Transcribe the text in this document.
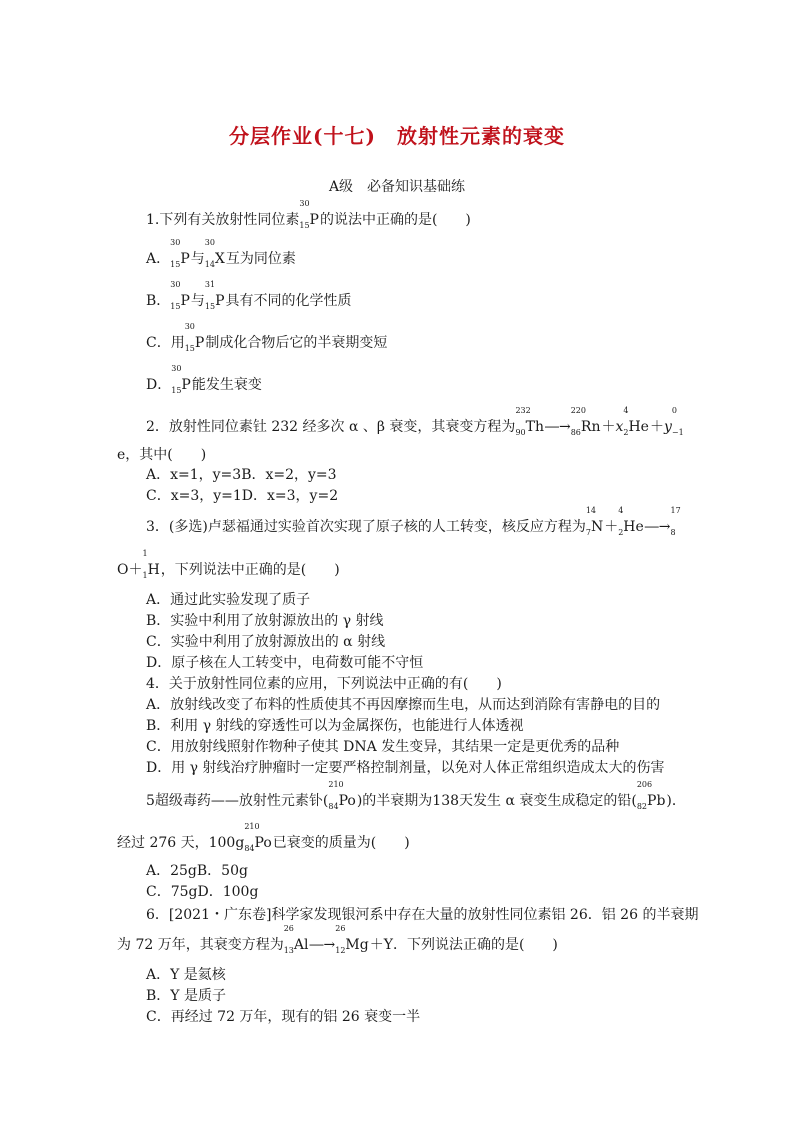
分层作业(十七)　放射性元素的衰变
A级　必备知识基础练
1.下列有关放射性同位素
30
15P的说法中正确的是(　　)
A．
30
15P与
30
14X互为同位素
B．
30
15P与
31
15P具有不同的化学性质
C．用
30
15P制成化合物后它的半衰期变短
D．
30
15P能发生衰变
2．放射性同位素钍 232 经多次 α 、β 衰变，其衰变方程为
232
90Th―→
220
86Rn＋x
4
2He＋y
0
−1
e，其中(　　)
A．x=1，y=3B．x=2，y=3
C．x=3，y=1D．x=3，y=2
3．(多选)卢瑟福通过实验首次实现了原子核的人工转变，核反应方程为
14
7N＋
4
2He―→
17
8
O＋
1
1H，下列说法中正确的是(　　)
A．通过此实验发现了质子
B．实验中利用了放射源放出的 γ 射线
C．实验中利用了放射源放出的 α 射线
D．原子核在人工转变中，电荷数可能不守恒
4．关于放射性同位素的应用，下列说法中正确的有(　　)
A．放射线改变了布料的性质使其不再因摩擦而生电，从而达到消除有害静电的目的
B．利用 γ 射线的穿透性可以为金属探伤，也能进行人体透视
C．用放射线照射作物种子使其 DNA 发生变异，其结果一定是更优秀的品种
D．用 γ 射线治疗肿瘤时一定要严格控制剂量，以免对人体正常组织造成太大的伤害
5超级毒药——放射性元素钋(
210
84Po)的半衰期为138天发生 α 衰变生成稳定的铅(
206
82Pb)．
经过 276 天，100g
210
84Po已衰变的质量为(　　)
A．25gB．50g
C．75gD．100g
6．[2021・广东卷]科学家发现银河系中存在大量的放射性同位素铝 26．铝 26 的半衰期
为 72 万年，其衰变方程为
26
13Al―→
26
12Mg＋Y．下列说法正确的是(　　)
A．Y 是氦核
B．Y 是质子
C．再经过 72 万年，现有的铝 26 衰变一半
